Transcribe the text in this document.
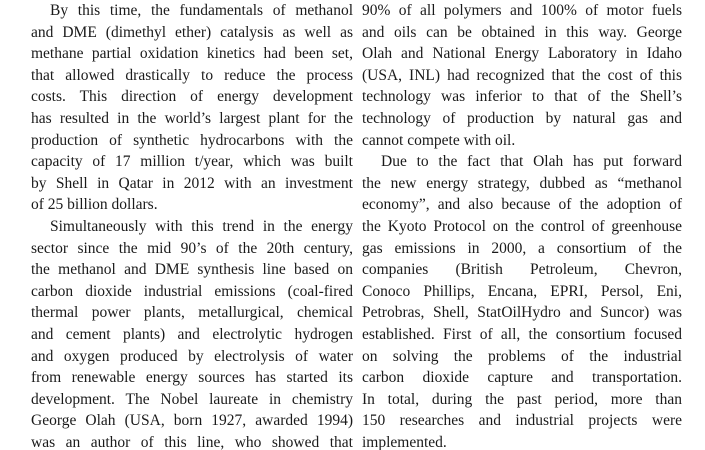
By this time, the fundamentals of methanol
and DME (dimethyl ether) catalysis as well as
methane partial oxidation kinetics had been set,
that allowed drastically to reduce the process
costs. This direction of energy development
has resulted in the world’s largest plant for the
production of synthetic hydrocarbons with the
capacity of 17 million t/year, which was built
by Shell in Qatar in 2012 with an investment
of 25 billion dollars.
Simultaneously with this trend in the energy
sector since the mid 90’s of the 20th century,
the methanol and DME synthesis line based on
carbon dioxide industrial emissions (coal-fired
thermal power plants, metallurgical, chemical
and cement plants) and electrolytic hydrogen
and oxygen produced by electrolysis of water
from renewable energy sources has started its
development. The Nobel laureate in chemistry
George Olah (USA, born 1927, awarded 1994)
was an author of this line, who showed that
90% of all polymers and 100% of motor fuels
and oils can be obtained in this way. George
Olah and National Energy Laboratory in Idaho
(USA, INL) had recognized that the cost of this
technology was inferior to that of the Shell’s
technology of production by natural gas and
cannot compete with oil.
Due to the fact that Olah has put forward
the new energy strategy, dubbed as “methanol
economy”, and also because of the adoption of
the Kyoto Protocol on the control of greenhouse
gas emissions in 2000, a consortium of the
companies (British Petroleum, Chevron,
Conoco Phillips, Encana, EPRI, Persol, Eni,
Petrobras, Shell, StatOilHydro and Suncor) was
established. First of all, the consortium focused
on solving the problems of the industrial
carbon dioxide capture and transportation.
In total, during the past period, more than
150 researches and industrial projects were
implemented.
